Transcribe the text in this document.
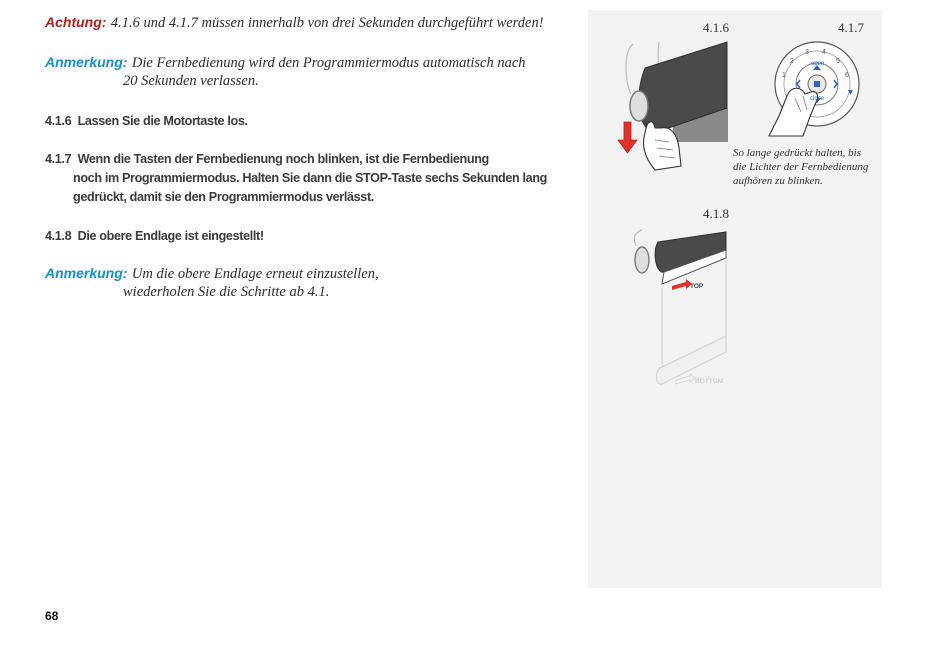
Achtung: 4.1.6 und 4.1.7 müssen innerhalb von drei Sekunden durchgeführt werden!
Anmerkung: Die Fernbedienung wird den Programmiermodus automatisch nach
20 Sekunden verlassen.
4.1.6 Lassen Sie die Motortaste los.
4.1.7 Wenn die Tasten der Fernbedienung noch blinken, ist die Fernbedienung
noch im Programmiermodus. Halten Sie dann die STOP-Taste sechs Sekunden lang
gedrückt, damit sie den Programmiermodus verlässt.
4.1.8 Die obere Endlage ist eingestellt!
Anmerkung: Um die obere Endlage erneut einzustellen,
wiederholen Sie die Schritte ab 4.1.
4.1.6	4.1.7
4.1.8
open
close
1
2
3 4
5
6
So lange gedrückt halten, bis
die Lichter der Fernbedienung
aufhören zu blinken.
TOP
BOTTOM
68
